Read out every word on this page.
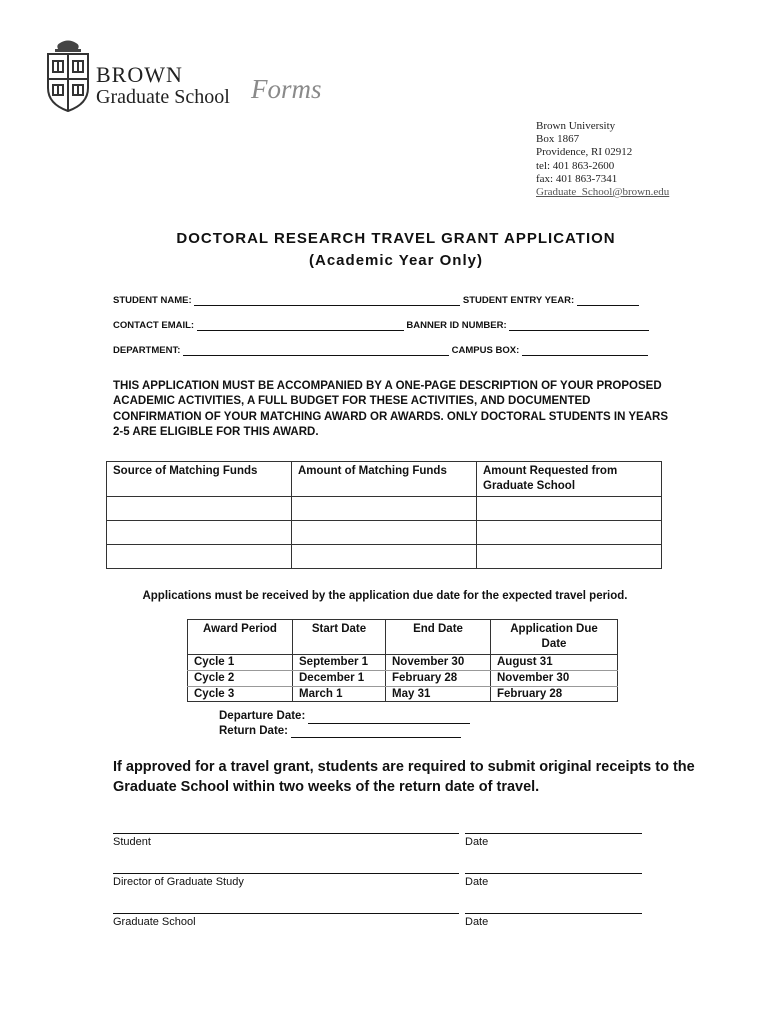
BROWN
Graduate School Forms
Brown University
Box 1867
Providence, RI 02912
tel: 401 863-2600
fax: 401 863-7341
Graduate_School@brown.edu
DOCTORAL RESEARCH TRAVEL GRANT APPLICATION
(Academic Year Only)
STUDENT NAME:	STUDENT ENTRY YEAR:
CONTACT EMAIL:	BANNER ID NUMBER:
DEPARTMENT:	CAMPUS BOX:
THIS APPLICATION MUST BE ACCOMPANIED BY A ONE-PAGE DESCRIPTION OF YOUR PROPOSED ACADEMIC ACTIVITIES, A FULL BUDGET FOR THESE ACTIVITIES, AND DOCUMENTED CONFIRMATION OF YOUR MATCHING AWARD OR AWARDS. ONLY DOCTORAL STUDENTS IN YEARS 2-5 ARE ELIGIBLE FOR THIS AWARD.
Source of Matching Funds	Amount of Matching Funds	Amount Requested from Graduate School

Applications must be received by the application due date for the expected travel period.
Award Period	Start Date	End Date	Application Due Date
Cycle 1	September 1	November 30	August 31
Cycle 2	December 1	February 28	November 30
Cycle 3	March 1	May 31	February 28
Departure Date:
Return Date:
If approved for a travel grant, students are required to submit original receipts to the Graduate School within two weeks of the return date of travel.
Student	Date
Director of Graduate Study	Date
Graduate School	Date
